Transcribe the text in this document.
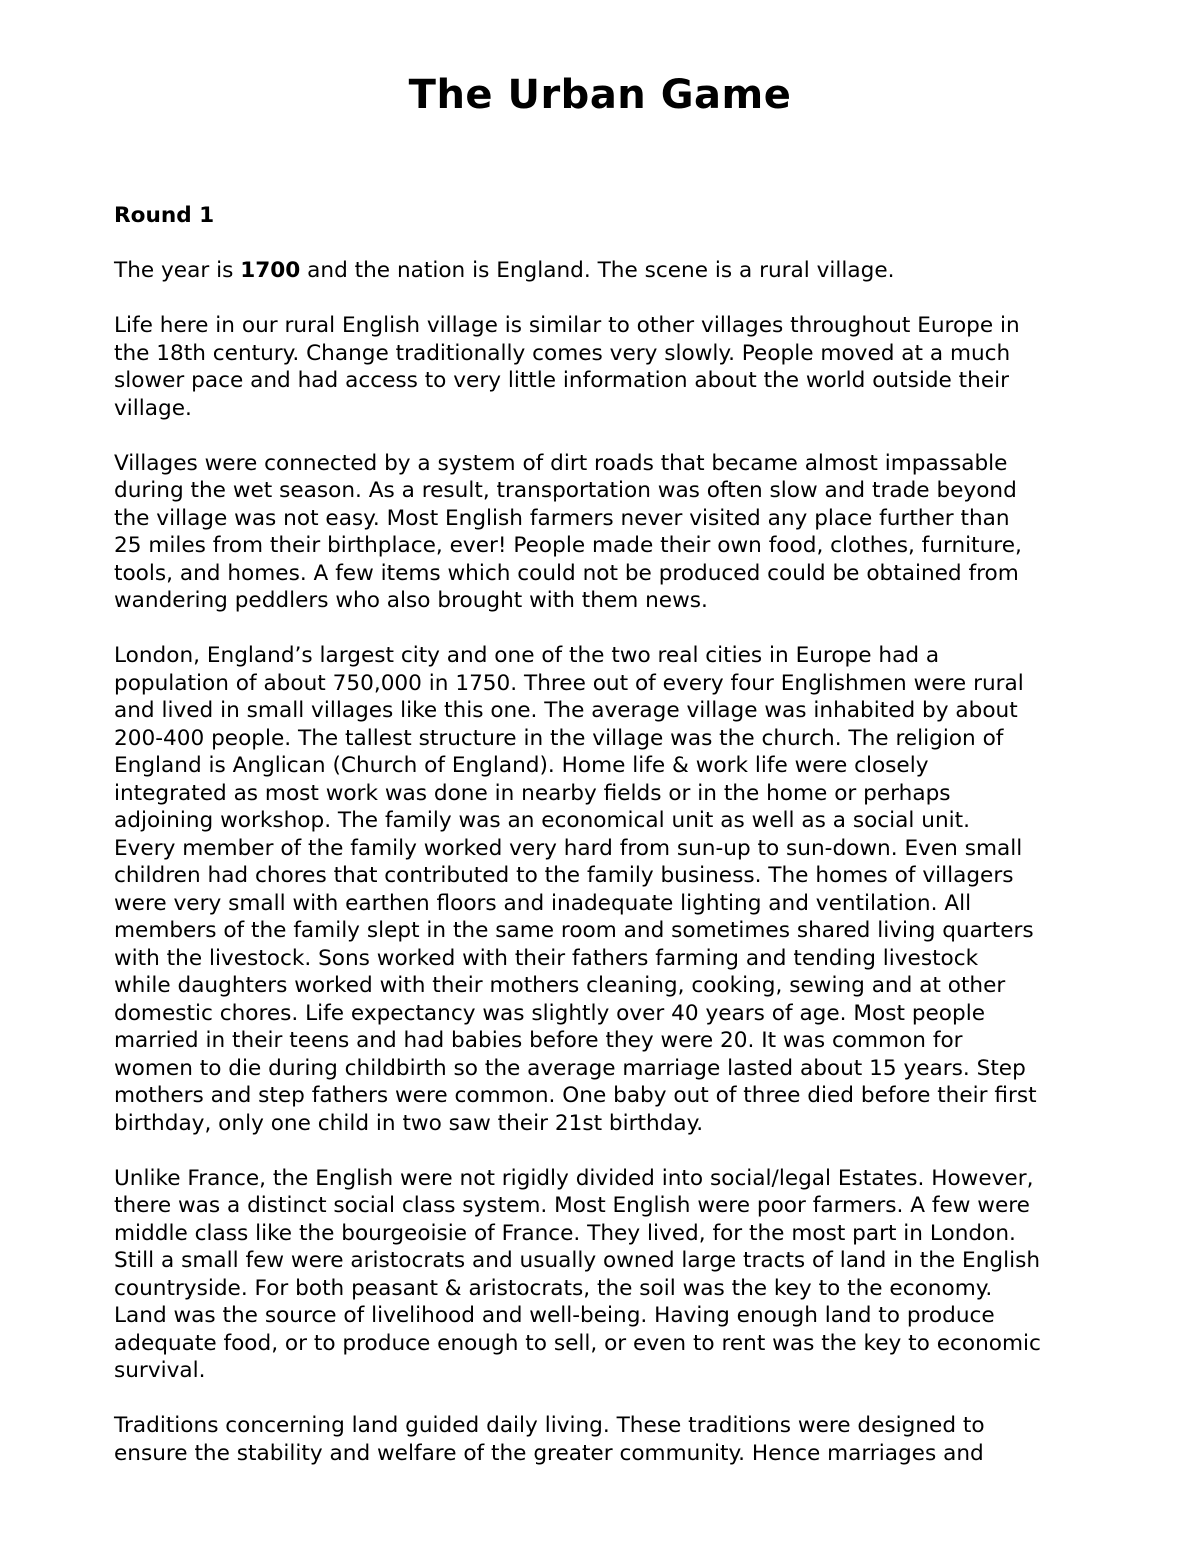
The Urban Game

Round 1

The year is 1700 and the nation is England. The scene is a rural village.

Life here in our rural English village is similar to other villages throughout Europe in
the 18th century. Change traditionally comes very slowly. People moved at a much
slower pace and had access to very little information about the world outside their
village.

Villages were connected by a system of dirt roads that became almost impassable
during the wet season. As a result, transportation was often slow and trade beyond
the village was not easy. Most English farmers never visited any place further than
25 miles from their birthplace, ever! People made their own food, clothes, furniture,
tools, and homes. A few items which could not be produced could be obtained from
wandering peddlers who also brought with them news.

London, England’s largest city and one of the two real cities in Europe had a
population of about 750,000 in 1750. Three out of every four Englishmen were rural
and lived in small villages like this one. The average village was inhabited by about
200-400 people. The tallest structure in the village was the church. The religion of
England is Anglican (Church of England). Home life & work life were closely
integrated as most work was done in nearby fields or in the home or perhaps
adjoining workshop. The family was an economical unit as well as a social unit.
Every member of the family worked very hard from sun-up to sun-down. Even small
children had chores that contributed to the family business. The homes of villagers
were very small with earthen floors and inadequate lighting and ventilation. All
members of the family slept in the same room and sometimes shared living quarters
with the livestock. Sons worked with their fathers farming and tending livestock
while daughters worked with their mothers cleaning, cooking, sewing and at other
domestic chores. Life expectancy was slightly over 40 years of age. Most people
married in their teens and had babies before they were 20. It was common for
women to die during childbirth so the average marriage lasted about 15 years. Step
mothers and step fathers were common. One baby out of three died before their first
birthday, only one child in two saw their 21st birthday.

Unlike France, the English were not rigidly divided into social/legal Estates. However,
there was a distinct social class system. Most English were poor farmers. A few were
middle class like the bourgeoisie of France. They lived, for the most part in London.
Still a small few were aristocrats and usually owned large tracts of land in the English
countryside. For both peasant & aristocrats, the soil was the key to the economy.
Land was the source of livelihood and well-being. Having enough land to produce
adequate food, or to produce enough to sell, or even to rent was the key to economic
survival.

Traditions concerning land guided daily living. These traditions were designed to
ensure the stability and welfare of the greater community. Hence marriages and
